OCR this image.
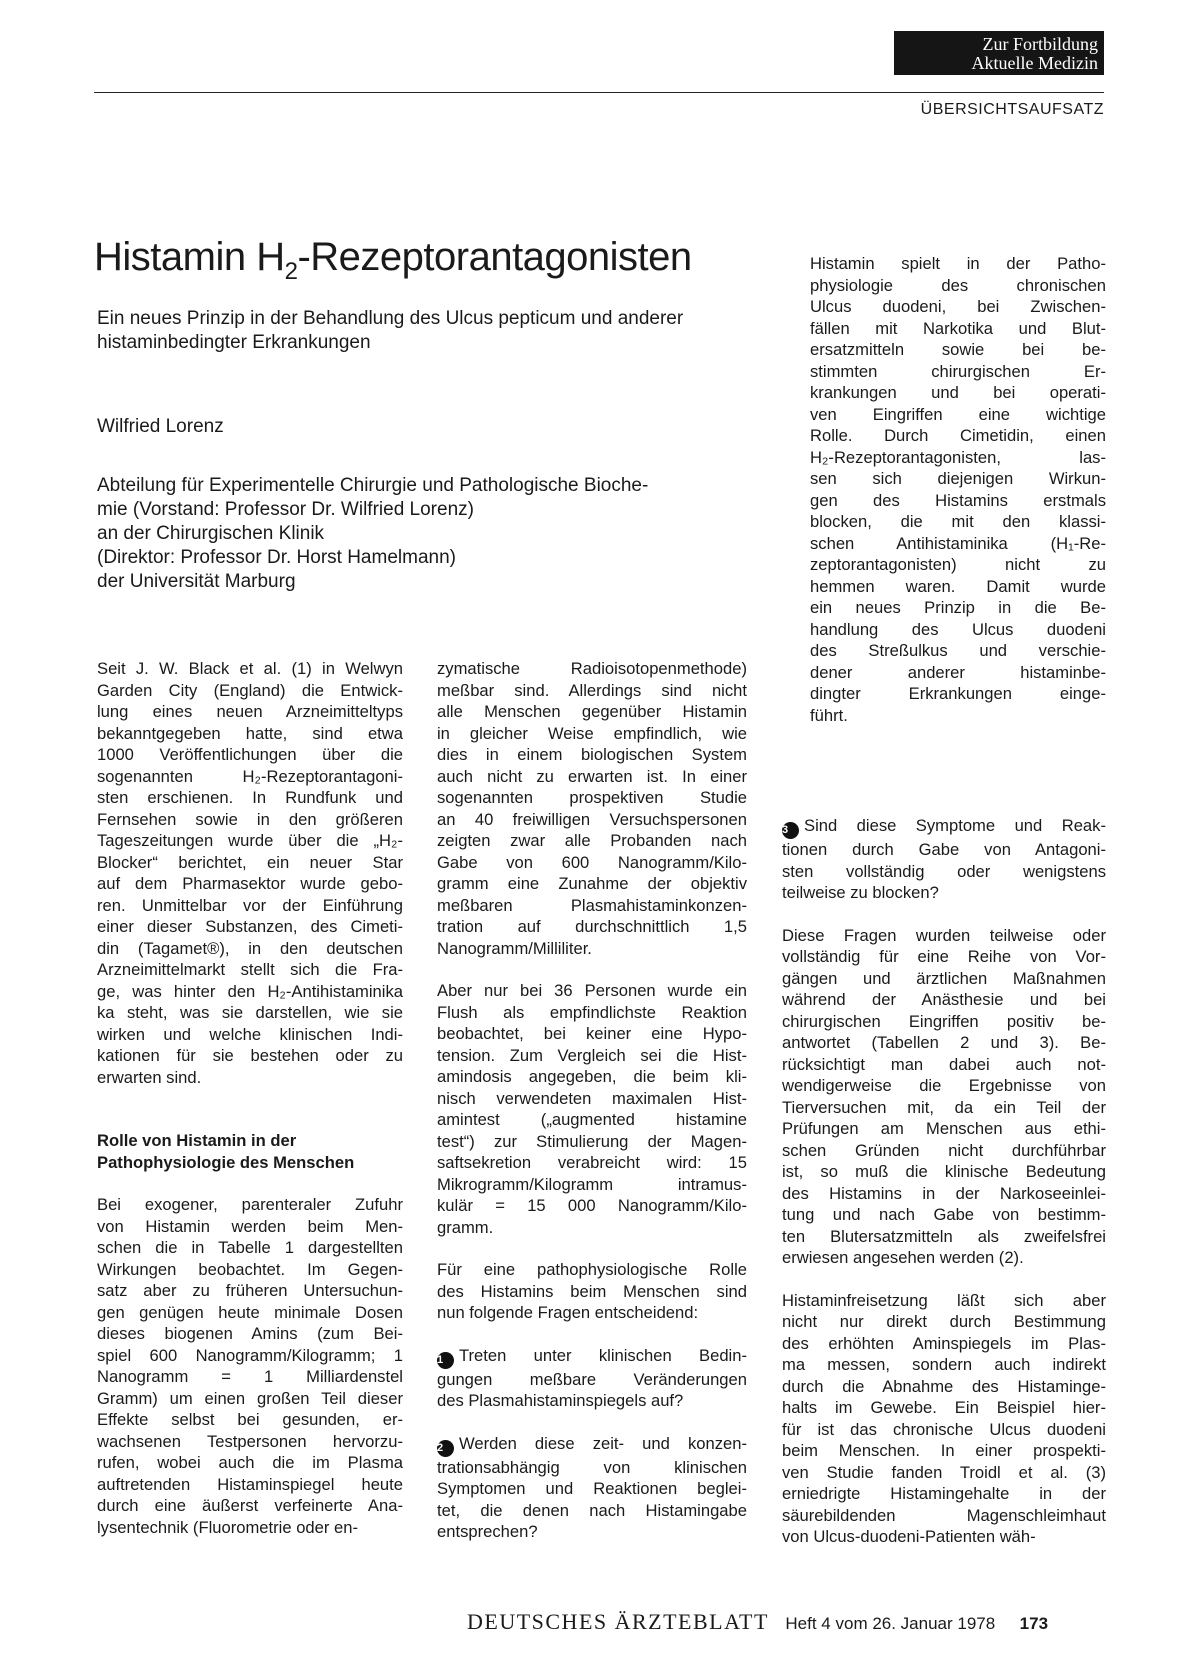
Zur Fortbildung
Aktuelle Medizin
ÜBERSICHTSAUFSATZ
Histamin $H_2$-Rezeptorantagonisten
Ein neues Prinzip in der Behandlung des Ulcus pepticum und anderer histaminbedingter Erkrankungen
Wilfried Lorenz
Abteilung für Experimentelle Chirurgie und Pathologische Bioche-
mie (Vorstand: Professor Dr. Wilfried Lorenz)
an der Chirurgischen Klinik
(Direktor: Professor Dr. Horst Hamelmann)
der Universität Marburg
Seit J. W. Black et al. (1) in Welwyn
Garden City (England) die Entwick-
lung eines neuen Arzneimitteltyps
bekanntgegeben hatte, sind etwa
1000 Veröffentlichungen über die
sogenannten H₂-Rezeptorantagoni-
sten erschienen. In Rundfunk und
Fernsehen sowie in den größeren
Tageszeitungen wurde über die „H₂-
Blocker“ berichtet, ein neuer Star
auf dem Pharmasektor wurde gebo-
ren. Unmittelbar vor der Einführung
einer dieser Substanzen, des Cimeti-
din (Tagamet®), in den deutschen
Arzneimittelmarkt stellt sich die Fra-
ge, was hinter den H₂-Antihistaminika
ka steht, was sie darstellen, wie sie
wirken und welche klinischen Indi-
kationen für sie bestehen oder zu
erwarten sind.
Rolle von Histamin in der
Pathophysiologie des Menschen
Bei exogener, parenteraler Zufuhr
von Histamin werden beim Men-
schen die in Tabelle 1 dargestellten
Wirkungen beobachtet. Im Gegen-
satz aber zu früheren Untersuchun-
gen genügen heute minimale Dosen
dieses biogenen Amins (zum Bei-
spiel 600 Nanogramm/Kilogramm; 1
Nanogramm = 1 Milliardenstel
Gramm) um einen großen Teil dieser
Effekte selbst bei gesunden, er-
wachsenen Testpersonen hervorzu-
rufen, wobei auch die im Plasma
auftretenden Histaminspiegel heute
durch eine äußerst verfeinerte Ana-
lysentechnik (Fluorometrie oder en-
zymatische Radioisotopenmethode)
meßbar sind. Allerdings sind nicht
alle Menschen gegenüber Histamin
in gleicher Weise empfindlich, wie
dies in einem biologischen System
auch nicht zu erwarten ist. In einer
sogenannten prospektiven Studie
an 40 freiwilligen Versuchspersonen
zeigten zwar alle Probanden nach
Gabe von 600 Nanogramm/Kilo-
gramm eine Zunahme der objektiv
meßbaren Plasmahistaminkonzen-
tration auf durchschnittlich 1,5
Nanogramm/Milliliter.
Aber nur bei 36 Personen wurde ein
Flush als empfindlichste Reaktion
beobachtet, bei keiner eine Hypo-
tension. Zum Vergleich sei die Hist-
amindosis angegeben, die beim kli-
nisch verwendeten maximalen Hist-
amintest („augmented histamine
test“) zur Stimulierung der Magen-
saftsekretion verabreicht wird: 15
Mikrogramm/Kilogramm intramus-
kulär = 15 000 Nanogramm/Kilo-
gramm.
Für eine pathophysiologische Rolle
des Histamins beim Menschen sind
nun folgende Fragen entscheidend:
1 Treten unter klinischen Bedin-
gungen meßbare Veränderungen
des Plasmahistaminspiegels auf?
2 Werden diese zeit- und konzen-
trationsabhängig von klinischen
Symptomen und Reaktionen beglei-
tet, die denen nach Histamingabe
entsprechen?
Histamin spielt in der Patho-
physiologie des chronischen
Ulcus duodeni, bei Zwischen-
fällen mit Narkotika und Blut-
ersatzmitteln sowie bei be-
stimmten chirurgischen Er-
krankungen und bei operati-
ven Eingriffen eine wichtige
Rolle. Durch Cimetidin, einen
H₂-Rezeptorantagonisten, las-
sen sich diejenigen Wirkun-
gen des Histamins erstmals
blocken, die mit den klassi-
schen Antihistaminika (H₁-Re-
zeptorantagonisten) nicht zu
hemmen waren. Damit wurde
ein neues Prinzip in die Be-
handlung des Ulcus duodeni
des Streßulkus und verschie-
dener anderer histaminbe-
dingter Erkrankungen einge-
führt.
3 Sind diese Symptome und Reak-
tionen durch Gabe von Antagoni-
sten vollständig oder wenigstens
teilweise zu blocken?
Diese Fragen wurden teilweise oder
vollständig für eine Reihe von Vor-
gängen und ärztlichen Maßnahmen
während der Anästhesie und bei
chirurgischen Eingriffen positiv be-
antwortet (Tabellen 2 und 3). Be-
rücksichtigt man dabei auch not-
wendigerweise die Ergebnisse von
Tierversuchen mit, da ein Teil der
Prüfungen am Menschen aus ethi-
schen Gründen nicht durchführbar
ist, so muß die klinische Bedeutung
des Histamins in der Narkoseeinlei-
tung und nach Gabe von bestimm-
ten Blutersatzmitteln als zweifelsfrei
erwiesen angesehen werden (2).
Histaminfreisetzung läßt sich aber
nicht nur direkt durch Bestimmung
des erhöhten Aminspiegels im Plas-
ma messen, sondern auch indirekt
durch die Abnahme des Histaminge-
halts im Gewebe. Ein Beispiel hier-
für ist das chronische Ulcus duodeni
beim Menschen. In einer prospekti-
ven Studie fanden Troidl et al. (3)
erniedrigte Histamingehalte in der
säurebildenden Magenschleimhaut
von Ulcus-duodeni-Patienten wäh-
DEUTSCHES ÄRZTEBLATT Heft 4 vom 26. Januar 1978 173
